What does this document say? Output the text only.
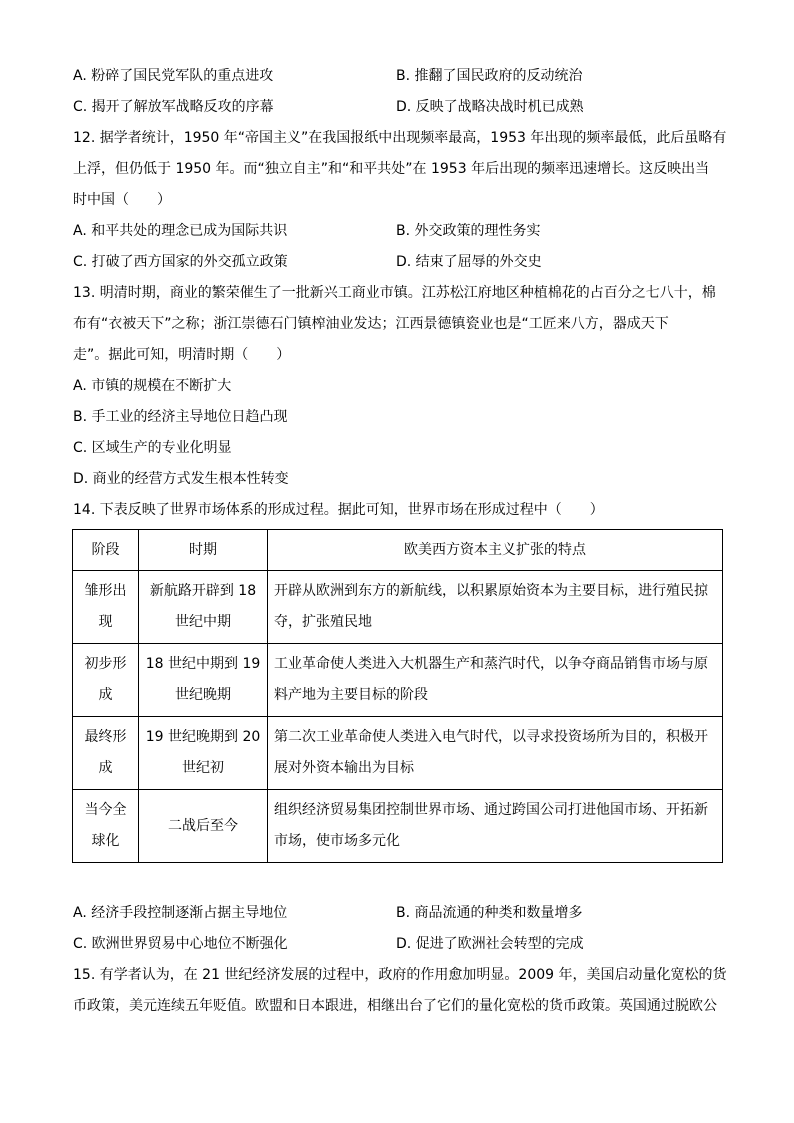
A. 粉碎了国民党军队的重点进攻	B. 推翻了国民政府的反动统治
C. 揭开了解放军战略反攻的序幕	D. 反映了战略决战时机已成熟
12. 据学者统计，1950 年“帝国主义”在我国报纸中出现频率最高，1953 年出现的频率最低，此后虽略有
上浮，但仍低于 1950 年。而“独立自主”和“和平共处”在 1953 年后出现的频率迅速增长。这反映出当
时中国（　　）
A. 和平共处的理念已成为国际共识	B. 外交政策的理性务实
C. 打破了西方国家的外交孤立政策	D. 结束了屈辱的外交史
13. 明清时期，商业的繁荣催生了一批新兴工商业市镇。江苏松江府地区种植棉花的占百分之七八十，棉
布有“衣被天下”之称；浙江崇德石门镇榨油业发达；江西景德镇瓷业也是“工匠来八方，器成天下
走”。据此可知，明清时期（　　）
A. 市镇的规模在不断扩大
B. 手工业的经济主导地位日趋凸现
C. 区域生产的专业化明显
D. 商业的经营方式发生根本性转变
14. 下表反映了世界市场体系的形成过程。据此可知，世界市场在形成过程中（　　）
阶段	时期	欧美西方资本主义扩张的特点
雏形出现	新航路开辟到 18 世纪中期	开辟从欧洲到东方的新航线，以积累原始资本为主要目标，进行殖民掠夺，扩张殖民地
初步形成	18 世纪中期到 19 世纪晚期	工业革命使人类进入大机器生产和蒸汽时代，以争夺商品销售市场与原料产地为主要目标的阶段
最终形成	19 世纪晚期到 20 世纪初	第二次工业革命使人类进入电气时代，以寻求投资场所为目的，积极开展对外资本输出为目标
当今全球化	二战后至今	组织经济贸易集团控制世界市场、通过跨国公司打进他国市场、开拓新市场，使市场多元化
A. 经济手段控制逐渐占据主导地位	B. 商品流通的种类和数量增多
C. 欧洲世界贸易中心地位不断强化	D. 促进了欧洲社会转型的完成
15. 有学者认为，在 21 世纪经济发展的过程中，政府的作用愈加明显。2009 年，美国启动量化宽松的货
币政策，美元连续五年贬值。欧盟和日本跟进，相继出台了它们的量化宽松的货币政策。英国通过脱欧公
